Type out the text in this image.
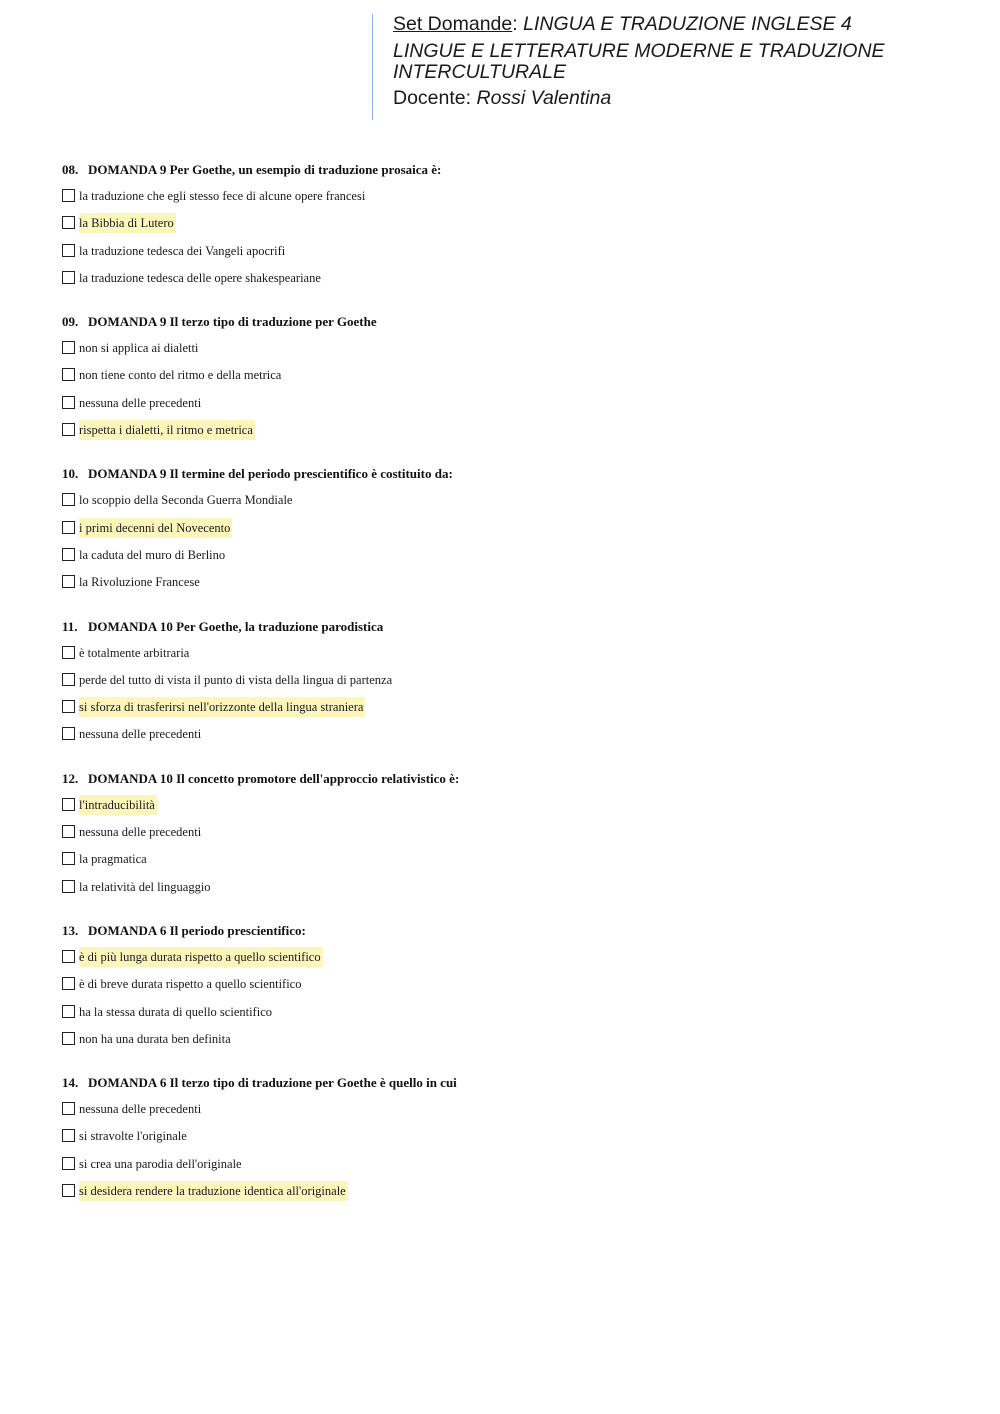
Set Domande: LINGUA E TRADUZIONE INGLESE 4
LINGUE E LETTERATURE MODERNE E TRADUZIONE INTERCULTURALE
Docente: Rossi Valentina
08. DOMANDA 9 Per Goethe, un esempio di traduzione prosaica è:
la traduzione che egli stesso fece di alcune opere francesi
la Bibbia di Lutero
la traduzione tedesca dei Vangeli apocrifi
la traduzione tedesca delle opere shakespeariane
09. DOMANDA 9 Il terzo tipo di traduzione per Goethe
non si applica ai dialetti
non tiene conto del ritmo e della metrica
nessuna delle precedenti
rispetta i dialetti, il ritmo e metrica
10. DOMANDA 9 Il termine del periodo prescientifico è costituito da:
lo scoppio della Seconda Guerra Mondiale
i primi decenni del Novecento
la caduta del muro di Berlino
la Rivoluzione Francese
11. DOMANDA 10 Per Goethe, la traduzione parodistica
è totalmente arbitraria
perde del tutto di vista il punto di vista della lingua di partenza
si sforza di trasferirsi nell'orizzonte della lingua straniera
nessuna delle precedenti
12. DOMANDA 10 Il concetto promotore dell'approccio relativistico è:
l'intraducibilità
nessuna delle precedenti
la pragmatica
la relatività del linguaggio
13. DOMANDA 6 Il periodo prescientifico:
è di più lunga durata rispetto a quello scientifico
è di breve durata rispetto a quello scientifico
ha la stessa durata di quello scientifico
non ha una durata ben definita
14. DOMANDA 6 Il terzo tipo di traduzione per Goethe è quello in cui
nessuna delle precedenti
si stravolte l'originale
si crea una parodia dell'originale
si desidera rendere la traduzione identica all'originale
